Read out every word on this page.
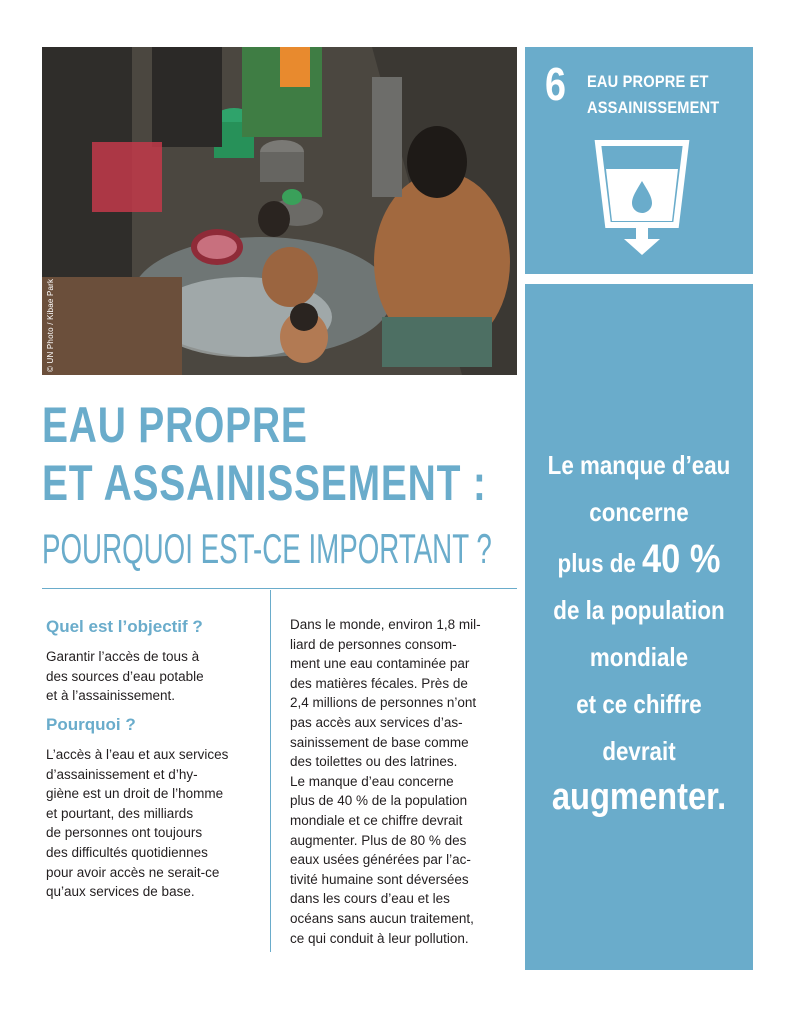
© UN Photo / Kibae Park
6 EAU PROPRE ET
ASSAINISSEMENT
Le manque d’eau
concerne
plus de 40 %
de la population
mondiale
et ce chiffre
devrait
augmenter.
EAU PROPRE
ET ASSAINISSEMENT :
POURQUOI EST-CE IMPORTANT ?
Quel est l’objectif ?
Garantir l’accès de tous à
des sources d’eau potable
et à l’assainissement.
Pourquoi ?
L’accès à l’eau et aux services
d’assainissement et d’hy-
giène est un droit de l’homme
et pourtant, des milliards
de personnes ont toujours
des difficultés quotidiennes
pour avoir accès ne serait-ce
qu’aux services de base.
Dans le monde, environ 1,8 mil-
liard de personnes consom-
ment une eau contaminée par
des matières fécales. Près de
2,4 millions de personnes n’ont
pas accès aux services d’as-
sainissement de base comme
des toilettes ou des latrines.
Le manque d’eau concerne
plus de 40 % de la population
mondiale et ce chiffre devrait
augmenter. Plus de 80 % des
eaux usées générées par l’ac-
tivité humaine sont déversées
dans les cours d’eau et les
océans sans aucun traitement,
ce qui conduit à leur pollution.
